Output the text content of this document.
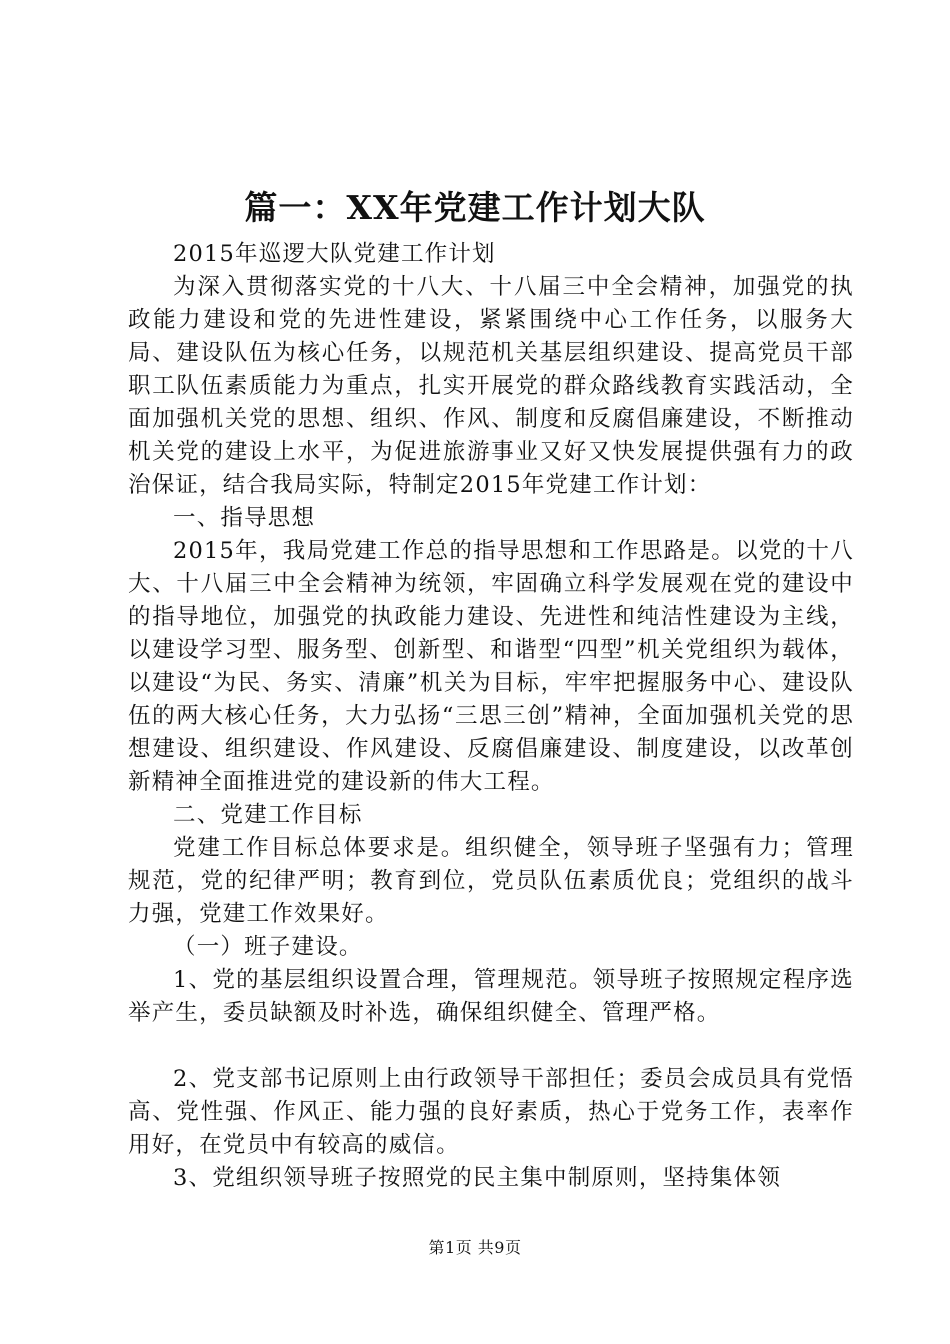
篇一：XX年党建工作计划大队

2015年巡逻大队党建工作计划

为深入贯彻落实党的十八大、十八届三中全会精神，加强党的执政能力建设和党的先进性建设，紧紧围绕中心工作任务，以服务大局、建设队伍为核心任务，以规范机关基层组织建设、提高党员干部职工队伍素质能力为重点，扎实开展党的群众路线教育实践活动，全面加强机关党的思想、组织、作风、制度和反腐倡廉建设，不断推动机关党的建设上水平，为促进旅游事业又好又快发展提供强有力的政治保证，结合我局实际，特制定2015年党建工作计划：

一、指导思想

2015年，我局党建工作总的指导思想和工作思路是。以党的十八大、十八届三中全会精神为统领，牢固确立科学发展观在党的建设中的指导地位，加强党的执政能力建设、先进性和纯洁性建设为主线，以建设学习型、服务型、创新型、和谐型“四型”机关党组织为载体，以建设“为民、务实、清廉”机关为目标，牢牢把握服务中心、建设队伍的两大核心任务，大力弘扬“三思三创”精神，全面加强机关党的思想建设、组织建设、作风建设、反腐倡廉建设、制度建设，以改革创新精神全面推进党的建设新的伟大工程。

二、党建工作目标

党建工作目标总体要求是。组织健全，领导班子坚强有力；管理规范，党的纪律严明；教育到位，党员队伍素质优良；党组织的战斗力强，党建工作效果好。

（一）班子建设。

1、党的基层组织设置合理，管理规范。领导班子按照规定程序选举产生，委员缺额及时补选，确保组织健全、管理严格。

2、党支部书记原则上由行政领导干部担任；委员会成员具有党悟高、党性强、作风正、能力强的良好素质，热心于党务工作，表率作用好，在党员中有较高的威信。

3、党组织领导班子按照党的民主集中制原则，坚持集体领

第1页 共9页
